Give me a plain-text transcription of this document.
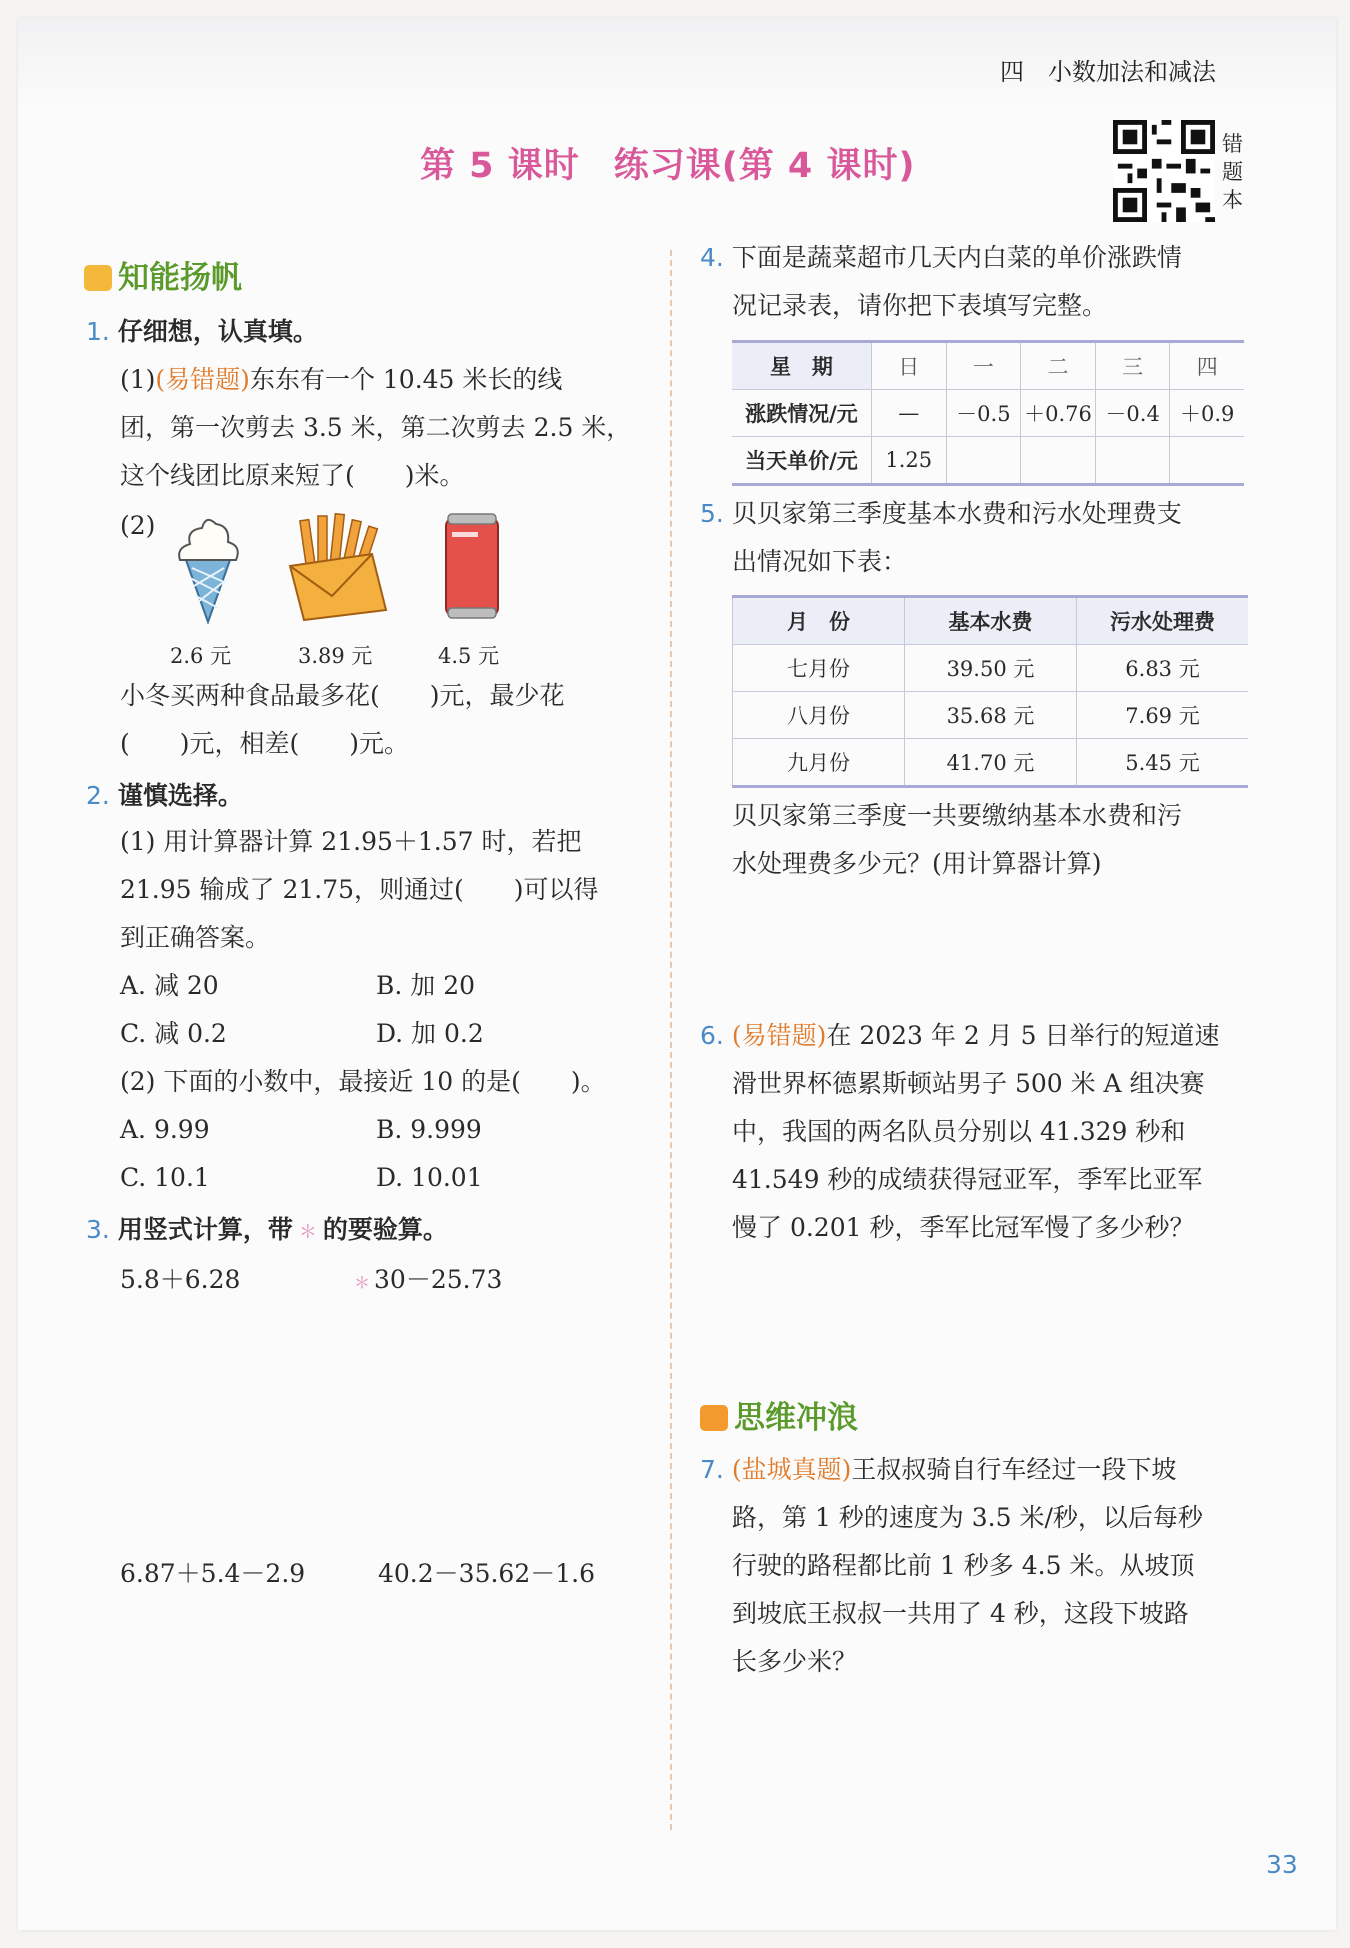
四　小数加法和减法
第 5 课时 练习课(第 4 课时)
错
题
本
知能扬帆
1. 仔细想，认真填。
(1)(易错题)东东有一个 10.45 米长的线
团，第一次剪去 3.5 米，第二次剪去 2.5 米，
这个线团比原来短了(　　)米。
(2)
2.6 元	3.89 元	4.5 元
小冬买两种食品最多花(　　)元，最少花
(　　)元，相差(　　)元。
2. 谨慎选择。
(1) 用计算器计算 21.95＋1.57 时，若把
21.95 输成了 21.75，则通过(　　)可以得
到正确答案。
A. 减 20	B. 加 20
C. 减 0.2	D. 加 0.2
(2) 下面的小数中，最接近 10 的是(　　)。
A. 9.99	B. 9.999
C. 10.1	D. 10.01
3. 用竖式计算，带 ＊ 的要验算。
5.8＋6.28	＊ 30－25.73
6.87＋5.4－2.9	40.2－35.62－1.6
4. 下面是蔬菜超市几天内白菜的单价涨跌情
况记录表，请你把下表填写完整。
星　期	日	一	二	三	四
涨跌情况/元	—	－0.5	＋0.76	－0.4	＋0.9
当天单价/元	1.25				
5. 贝贝家第三季度基本水费和污水处理费支
出情况如下表：
月　份	基本水费	污水处理费
七月份	39.50 元	6.83 元
八月份	35.68 元	7.69 元
九月份	41.70 元	5.45 元
贝贝家第三季度一共要缴纳基本水费和污
水处理费多少元？(用计算器计算)
6. (易错题)在 2023 年 2 月 5 日举行的短道速
滑世界杯德累斯顿站男子 500 米 A 组决赛
中，我国的两名队员分别以 41.329 秒和
41.549 秒的成绩获得冠亚军，季军比亚军
慢了 0.201 秒，季军比冠军慢了多少秒？
思维冲浪
7. (盐城真题)王叔叔骑自行车经过一段下坡
路，第 1 秒的速度为 3.5 米/秒，以后每秒
行驶的路程都比前 1 秒多 4.5 米。从坡顶
到坡底王叔叔一共用了 4 秒，这段下坡路
长多少米？
33
